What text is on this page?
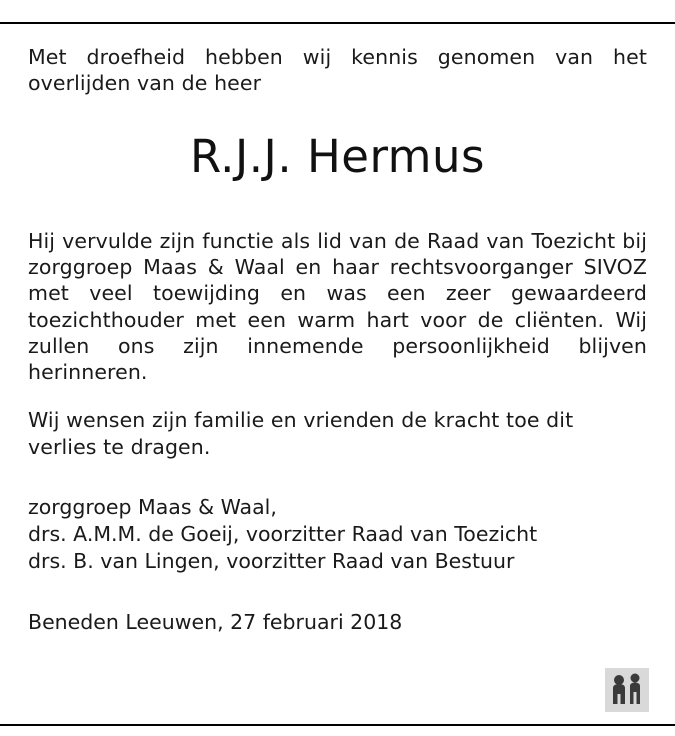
Met droefheid hebben wij kennis genomen van het overlijden van de heer

R.J.J. Hermus

Hij vervulde zijn functie als lid van de Raad van Toezicht bij zorggroep Maas & Waal en haar rechtsvoorganger SIVOZ met veel toewijding en was een zeer gewaardeerd toezichthouder met een warm hart voor de cliënten. Wij zullen ons zijn innemende persoonlijkheid blijven herinneren.

Wij wensen zijn familie en vrienden de kracht toe dit verlies te dragen.

zorggroep Maas & Waal,
drs. A.M.M. de Goeij, voorzitter Raad van Toezicht
drs. B. van Lingen, voorzitter Raad van Bestuur
Beneden Leeuwen, 27 februari 2018
